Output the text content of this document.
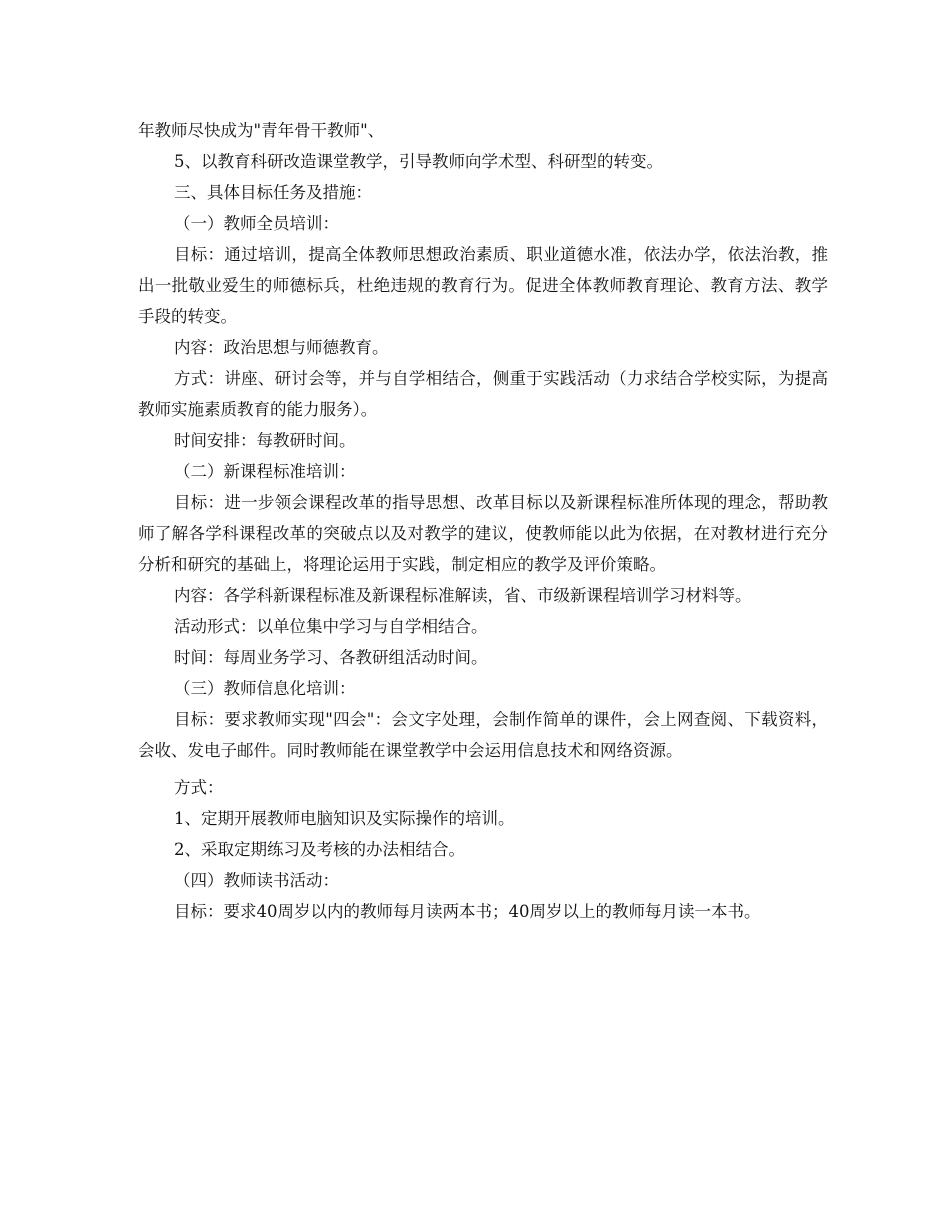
年教师尽快成为"青年骨干教师"、

5、以教育科研改造课堂教学，引导教师向学术型、科研型的转变。

三、具体目标任务及措施：

（一）教师全员培训：

目标：通过培训，提高全体教师思想政治素质、职业道德水准，依法办学，依法治教，推出一批敬业爱生的师德标兵，杜绝违规的教育行为。促进全体教师教育理论、教育方法、教学手段的转变。

内容：政治思想与师德教育。

方式：讲座、研讨会等，并与自学相结合，侧重于实践活动（力求结合学校实际，为提高教师实施素质教育的能力服务）。

时间安排：每教研时间。

（二）新课程标准培训：

目标：进一步领会课程改革的指导思想、改革目标以及新课程标准所体现的理念，帮助教师了解各学科课程改革的突破点以及对教学的建议，使教师能以此为依据，在对教材进行充分分析和研究的基础上，将理论运用于实践，制定相应的教学及评价策略。

内容：各学科新课程标准及新课程标准解读，省、市级新课程培训学习材料等。

活动形式：以单位集中学习与自学相结合。

时间：每周业务学习、各教研组活动时间。

（三）教师信息化培训：

目标：要求教师实现"四会"：会文字处理，会制作简单的课件，会上网查阅、下载资料，会收、发电子邮件。同时教师能在课堂教学中会运用信息技术和网络资源。

方式：

1、定期开展教师电脑知识及实际操作的培训。

2、采取定期练习及考核的办法相结合。

（四）教师读书活动：

目标：要求40周岁以内的教师每月读两本书；40周岁以上的教师每月读一本书。
